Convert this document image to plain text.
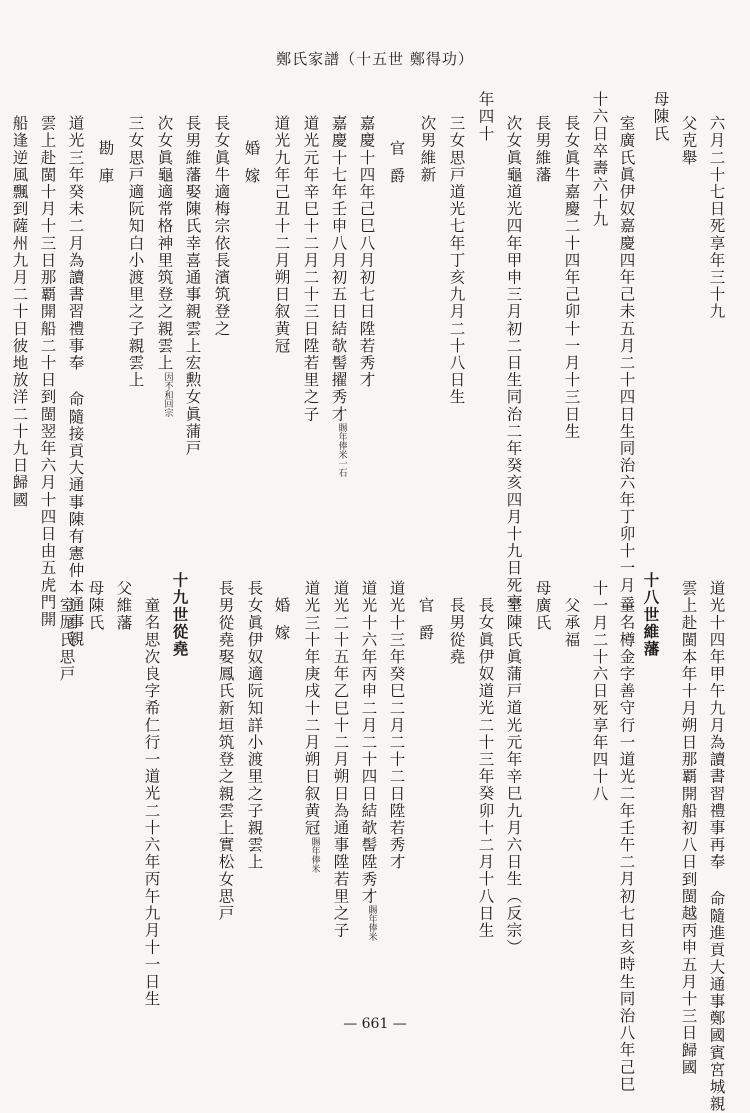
鄭氏家譜（十五世 鄭得功）
六月二十七日死享年三十九
父克舉
母陳氏
室廣氏眞伊奴嘉慶四年己未五月二十四日生同治六年丁卯十一月二
十六日卒壽六十九
長女眞牛嘉慶二十四年己卯十一月十三日生
長男維藩
次女眞龜道光四年甲申三月初二日生同治二年癸亥四月十九日死享
年四十
三女思戸道光七年丁亥九月二十八日生
次男維新
官爵
嘉慶十四年己巳八月初七日陞若秀才
嘉慶十七年壬申八月初五日結欹髻擢秀才賜年俸米一石
道光元年辛巳十二月二十三日陞若里之子
道光九年己丑十二月朔日叙黄冠
婚嫁
長女眞牛適梅宗依長濱筑登之
長男維藩娶陳氏幸喜通事親雲上宏勲女眞蒲戸
次女眞龜適常格神里筑登之親雲上因不和回宗
三女思戸適阮知白小渡里之子親雲上
勘庫
道光三年癸未二月為讀書習禮事奉 命隨接貢大通事陳有憲仲本通事親
雲上赴閩十月十三日那覇開船二十日到閩翌年六月十四日由五虎門開
船逢逆風飄到薩州九月二十日彼地放洋二十九日歸國
道光十四年甲午九月為讀書習禮事再奉 命隨進貢大通事鄭國賓宮城親
雲上赴閩本年十月朔日那覇開船初八日到閩越丙申五月十三日歸國
十八世維藩
童名樽金字善守行一道光二年壬午二月初七日亥時生同治八年己巳
十一月二十六日死享年四十八
父承福
母廣氏
室陳氏眞蒲戸道光元年辛巳九月六日生（反宗）
長女眞伊奴道光二十三年癸卯十二月十八日生
長男從堯
官爵
道光十三年癸巳二月二十二日陞若秀才
道光十六年丙申二月二十四日結欹髻陞秀才賜年俸米
道光二十五年乙巳十二月朔日為通事陞若里之子
道光三十年庚戌十二月朔日叙黄冠賜年俸米
婚嫁
長女眞伊奴適阮知詳小渡里之子親雲上
長男從堯娶鳳氏新垣筑登之親雲上實松女思戸
十九世從堯
童名思次良字希仁行一道光二十六年丙午九月十一日生
父維藩
母陳氏
室厖氏思戸
— 661 —
